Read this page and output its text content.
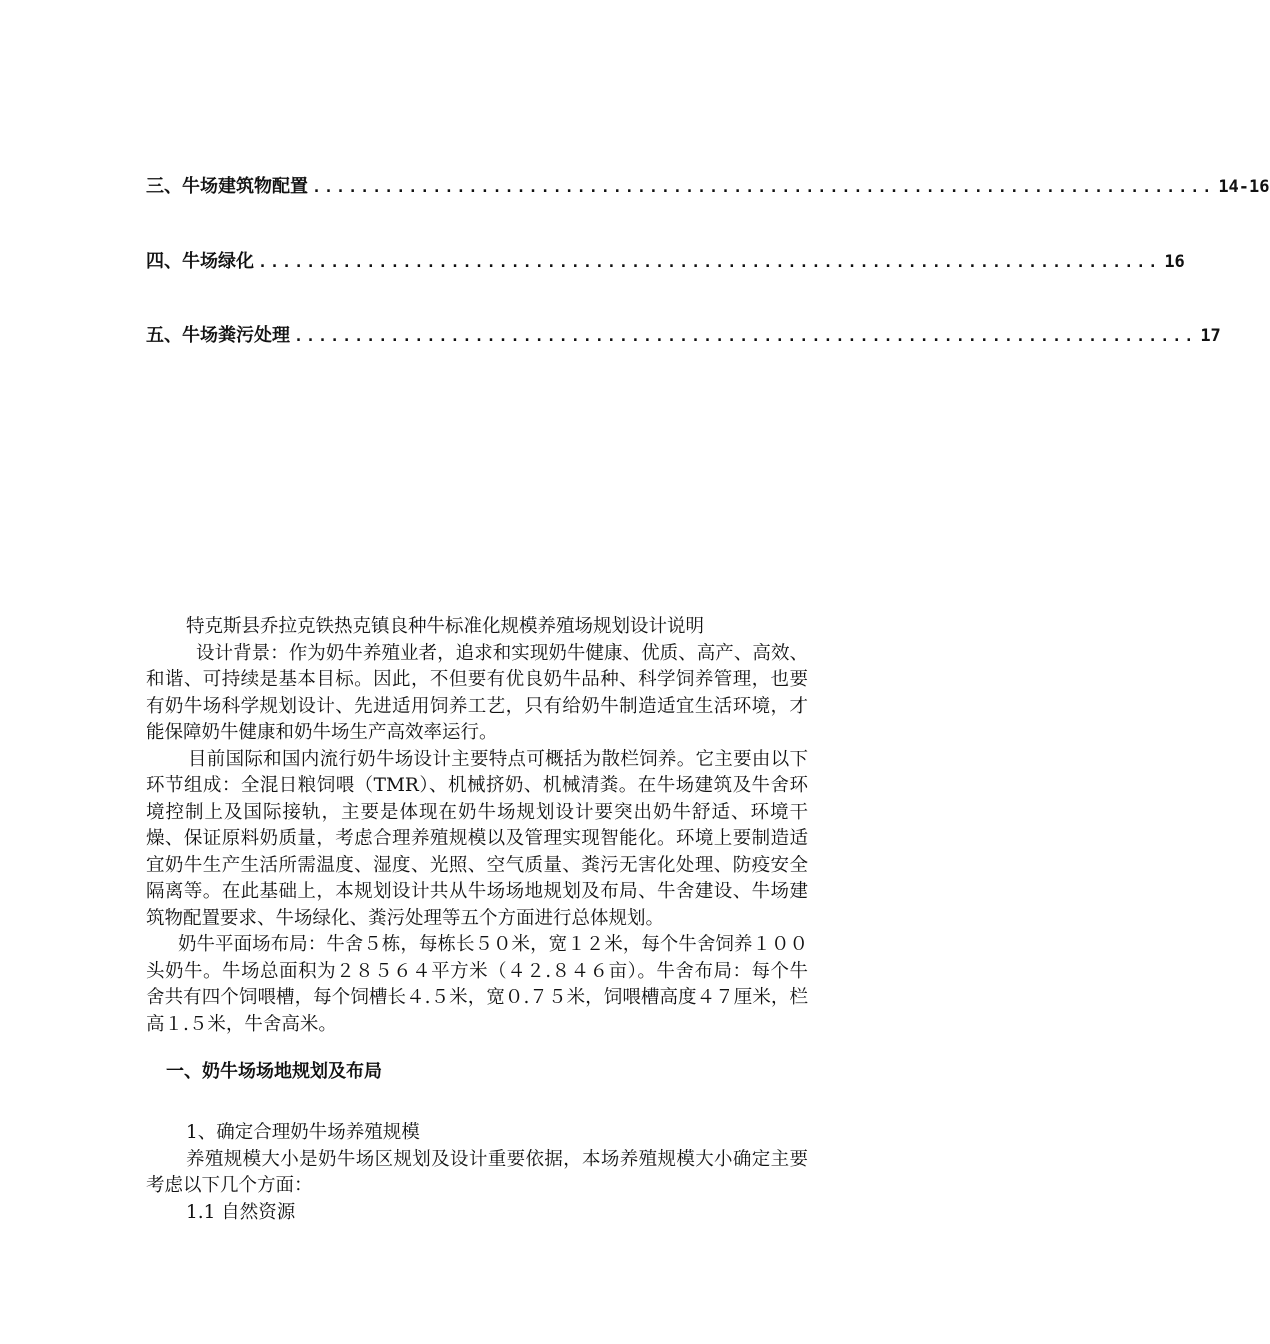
三、牛场建筑物配置 ........................................................................... 14-16
四、牛场绿化 ........................................................................... 16
五、牛场粪污处理 ........................................................................... 17

特克斯县乔拉克铁热克镇良种牛标准化规模养殖场规划设计说明

设计背景：作为奶牛养殖业者，追求和实现奶牛健康、优质、高产、高效、和谐、可持续是基本目标。因此，不但要有优良奶牛品种、科学饲养管理，也要有奶牛场科学规划设计、先进适用饲养工艺，只有给奶牛制造适宜生活环境，才能保障奶牛健康和奶牛场生产高效率运行。

目前国际和国内流行奶牛场设计主要特点可概括为散栏饲养。它主要由以下环节组成：全混日粮饲喂（TMR）、机械挤奶、机械清粪。在牛场建筑及牛舍环境控制上及国际接轨，主要是体现在奶牛场规划设计要突出奶牛舒适、环境干燥、保证原料奶质量，考虑合理养殖规模以及管理实现智能化。环境上要制造适宜奶牛生产生活所需温度、湿度、光照、空气质量、粪污无害化处理、防疫安全隔离等。在此基础上，本规划设计共从牛场场地规划及布局、牛舍建设、牛场建筑物配置要求、牛场绿化、粪污处理等五个方面进行总体规划。

奶牛平面场布局：牛舍５栋，每栋长５０米，宽１２米，每个牛舍饲养１００头奶牛。牛场总面积为２８５６４平方米（４２.８４６亩）。牛舍布局：每个牛舍共有四个饲喂槽，每个饲槽长４.５米，宽０.７５米，饲喂槽高度４７厘米，栏高１.５米，牛舍高米。

一、奶牛场场地规划及布局

1、确定合理奶牛场养殖规模

养殖规模大小是奶牛场区规划及设计重要依据，本场养殖规模大小确定主要考虑以下几个方面：

1.1 自然资源
